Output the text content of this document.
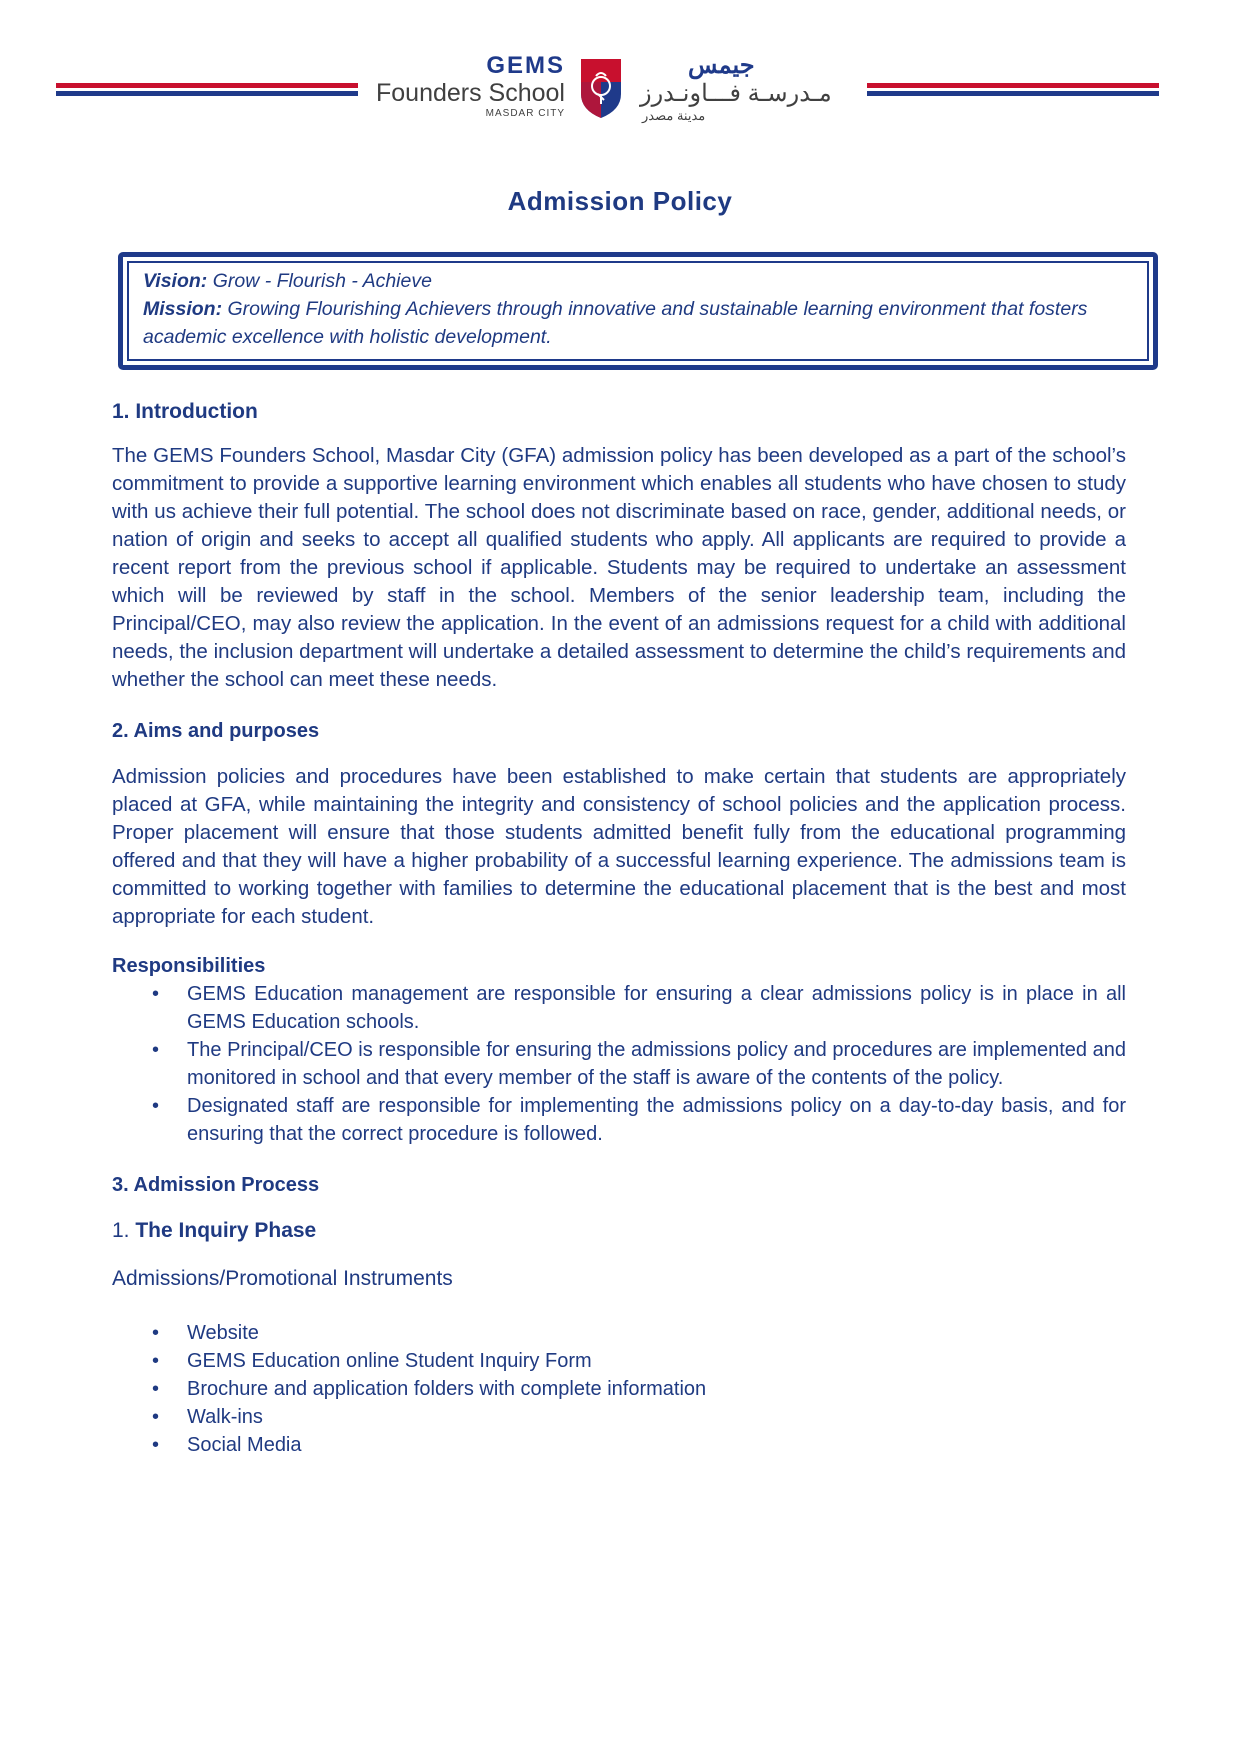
GEMS
Founders School
MASDAR CITY
جيمس
مـدرسـة فـــاونـدرز
مدينة مصدر
Admission Policy
Vision: Grow - Flourish - Achieve
Mission: Growing Flourishing Achievers through innovative and sustainable learning environment that fosters academic excellence with holistic development.
1. Introduction

The GEMS Founders School, Masdar City (GFA) admission policy has been developed as a part of the school’s commitment to provide a supportive learning environment which enables all students who have chosen to study with us achieve their full potential. The school does not discriminate based on race, gender, additional needs, or nation of origin and seeks to accept all qualified students who apply. All applicants are required to provide a recent report from the previous school if applicable. Students may be required to undertake an assessment which will be reviewed by staff in the school. Members of the senior leadership team, including the Principal/CEO, may also review the application. In the event of an admissions request for a child with additional needs, the inclusion department will undertake a detailed assessment to determine the child’s requirements and whether the school can meet these needs.

2. Aims and purposes

Admission policies and procedures have been established to make certain that students are appropriately placed at GFA, while maintaining the integrity and consistency of school policies and the application process. Proper placement will ensure that those students admitted benefit fully from the educational programming offered and that they will have a higher probability of a successful learning experience. The admissions team is committed to working together with families to determine the educational placement that is the best and most appropriate for each student.

Responsibilities
• GEMS Education management are responsible for ensuring a clear admissions policy is in place in all GEMS Education schools.
• The Principal/CEO is responsible for ensuring the admissions policy and procedures are implemented and monitored in school and that every member of the staff is aware of the contents of the policy.
• Designated staff are responsible for implementing the admissions policy on a day-to-day basis, and for ensuring that the correct procedure is followed.
3. Admission Process
1. The Inquiry Phase
Admissions/Promotional Instruments
• Website
• GEMS Education online Student Inquiry Form
• Brochure and application folders with complete information
• Walk-ins
• Social Media
